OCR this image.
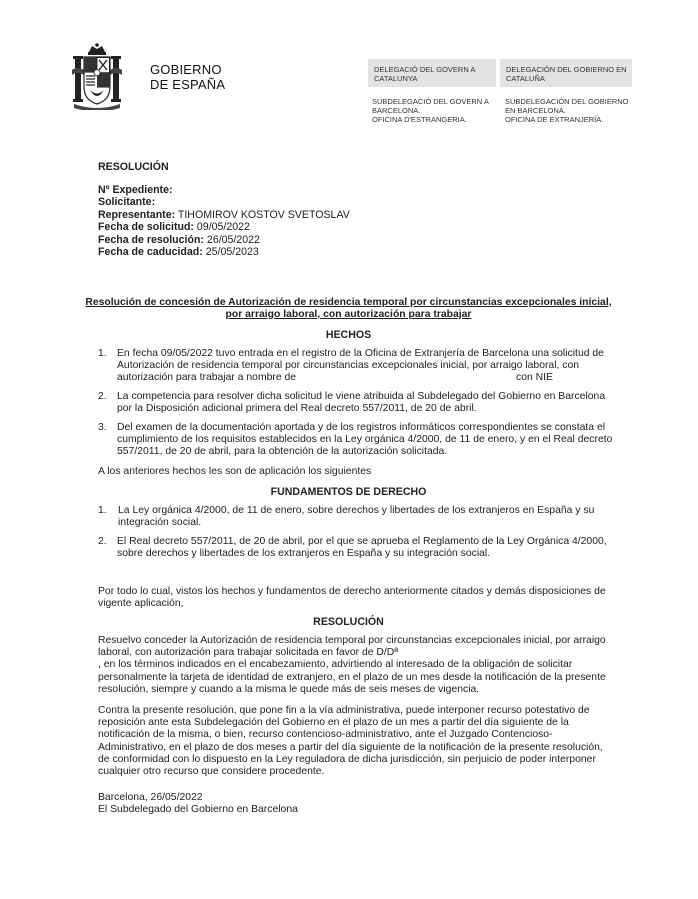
GOBIERNO
DE ESPAÑA
DELEGACIÓ DEL GOVERN A
CATALUNYA
DELEGACIÓN DEL GOBIERNO EN
CATALUÑA
SUBDELEGACIÓ DEL GOVERN A
BARCELONA.
OFICINA D'ESTRANGERIA.
SUBDELEGACIÓN DEL GOBIERNO
EN BARCELONA.
OFICINA DE EXTRANJERÍA.
RESOLUCIÓN
Nº Expediente:
Solicitante:
Representante: TIHOMIROV KOSTOV SVETOSLAV
Fecha de solicitud: 09/05/2022
Fecha de resolución: 26/05/2022
Fecha de caducidad: 25/05/2023
Resolución de concesión de Autorización de residencia temporal por circunstancias excepcionales inicial,
por arraigo laboral, con autorización para trabajar
HECHOS
1. En fecha 09/05/2022 tuvo entrada en el registro de la Oficina de Extranjería de Barcelona una solicitud de
Autorización de residencia temporal por circunstancias excepcionales inicial, por arraigo laboral, con
autorización para trabajar a nombre de	con NIE
2. La competencia para resolver dicha solicitud le viene atribuida al Subdelegado del Gobierno en Barcelona
por la Disposición adicional primera del Real decreto 557/2011, de 20 de abril.
3. Del examen de la documentación aportada y de los registros informáticos correspondientes se constata el
cumplimiento de los requisitos establecidos en la Ley orgánica 4/2000, de 11 de enero, y en el Real decreto
557/2011, de 20 de abril, para la obtención de la autorización solicitada.
A los anteriores hechos les son de aplicación los siguientes
FUNDAMENTOS DE DERECHO
1. La Ley orgánica 4/2000, de 11 de enero, sobre derechos y libertades de los extranjeros en España y su
integración social.
2. El Real decreto 557/2011, de 20 de abril, por el que se aprueba el Reglamento de la Ley Orgánica 4/2000,
sobre derechos y libertades de los extranjeros en España y su integración social.
Por todo lo cual, vistos los hechos y fundamentos de derecho anteriormente citados y demás disposiciones de
vigente aplicación,
RESOLUCIÓN
Resuelvo conceder la Autorización de residencia temporal por circunstancias excepcionales inicial, por arraigo
laboral, con autorización para trabajar solicitada en favor de D/Dª
, en los términos indicados en el encabezamiento, advirtiendo al interesado de la obligación de solicitar
personalmente la tarjeta de identidad de extranjero, en el plazo de un mes desde la notificación de la presente
resolución, siempre y cuando a la misma le quede más de seis meses de vigencia.
Contra la presente resolución, que pone fin a la vía administrativa, puede interponer recurso potestativo de
reposición ante esta Subdelegación del Gobierno en el plazo de un mes a partir del día siguiente de la
notificación de la misma, o bien, recurso contencioso-administrativo, ante el Juzgado Contencioso-
Administrativo, en el plazo de dos meses a partir del día siguiente de la notificación de la presente resolución,
de conformidad con lo dispuesto en la Ley reguladora de dicha jurisdicción, sin perjuicio de poder interponer
cualquier otro recurso que considere procedente.
Barcelona, 26/05/2022
El Subdelegado del Gobierno en Barcelona
